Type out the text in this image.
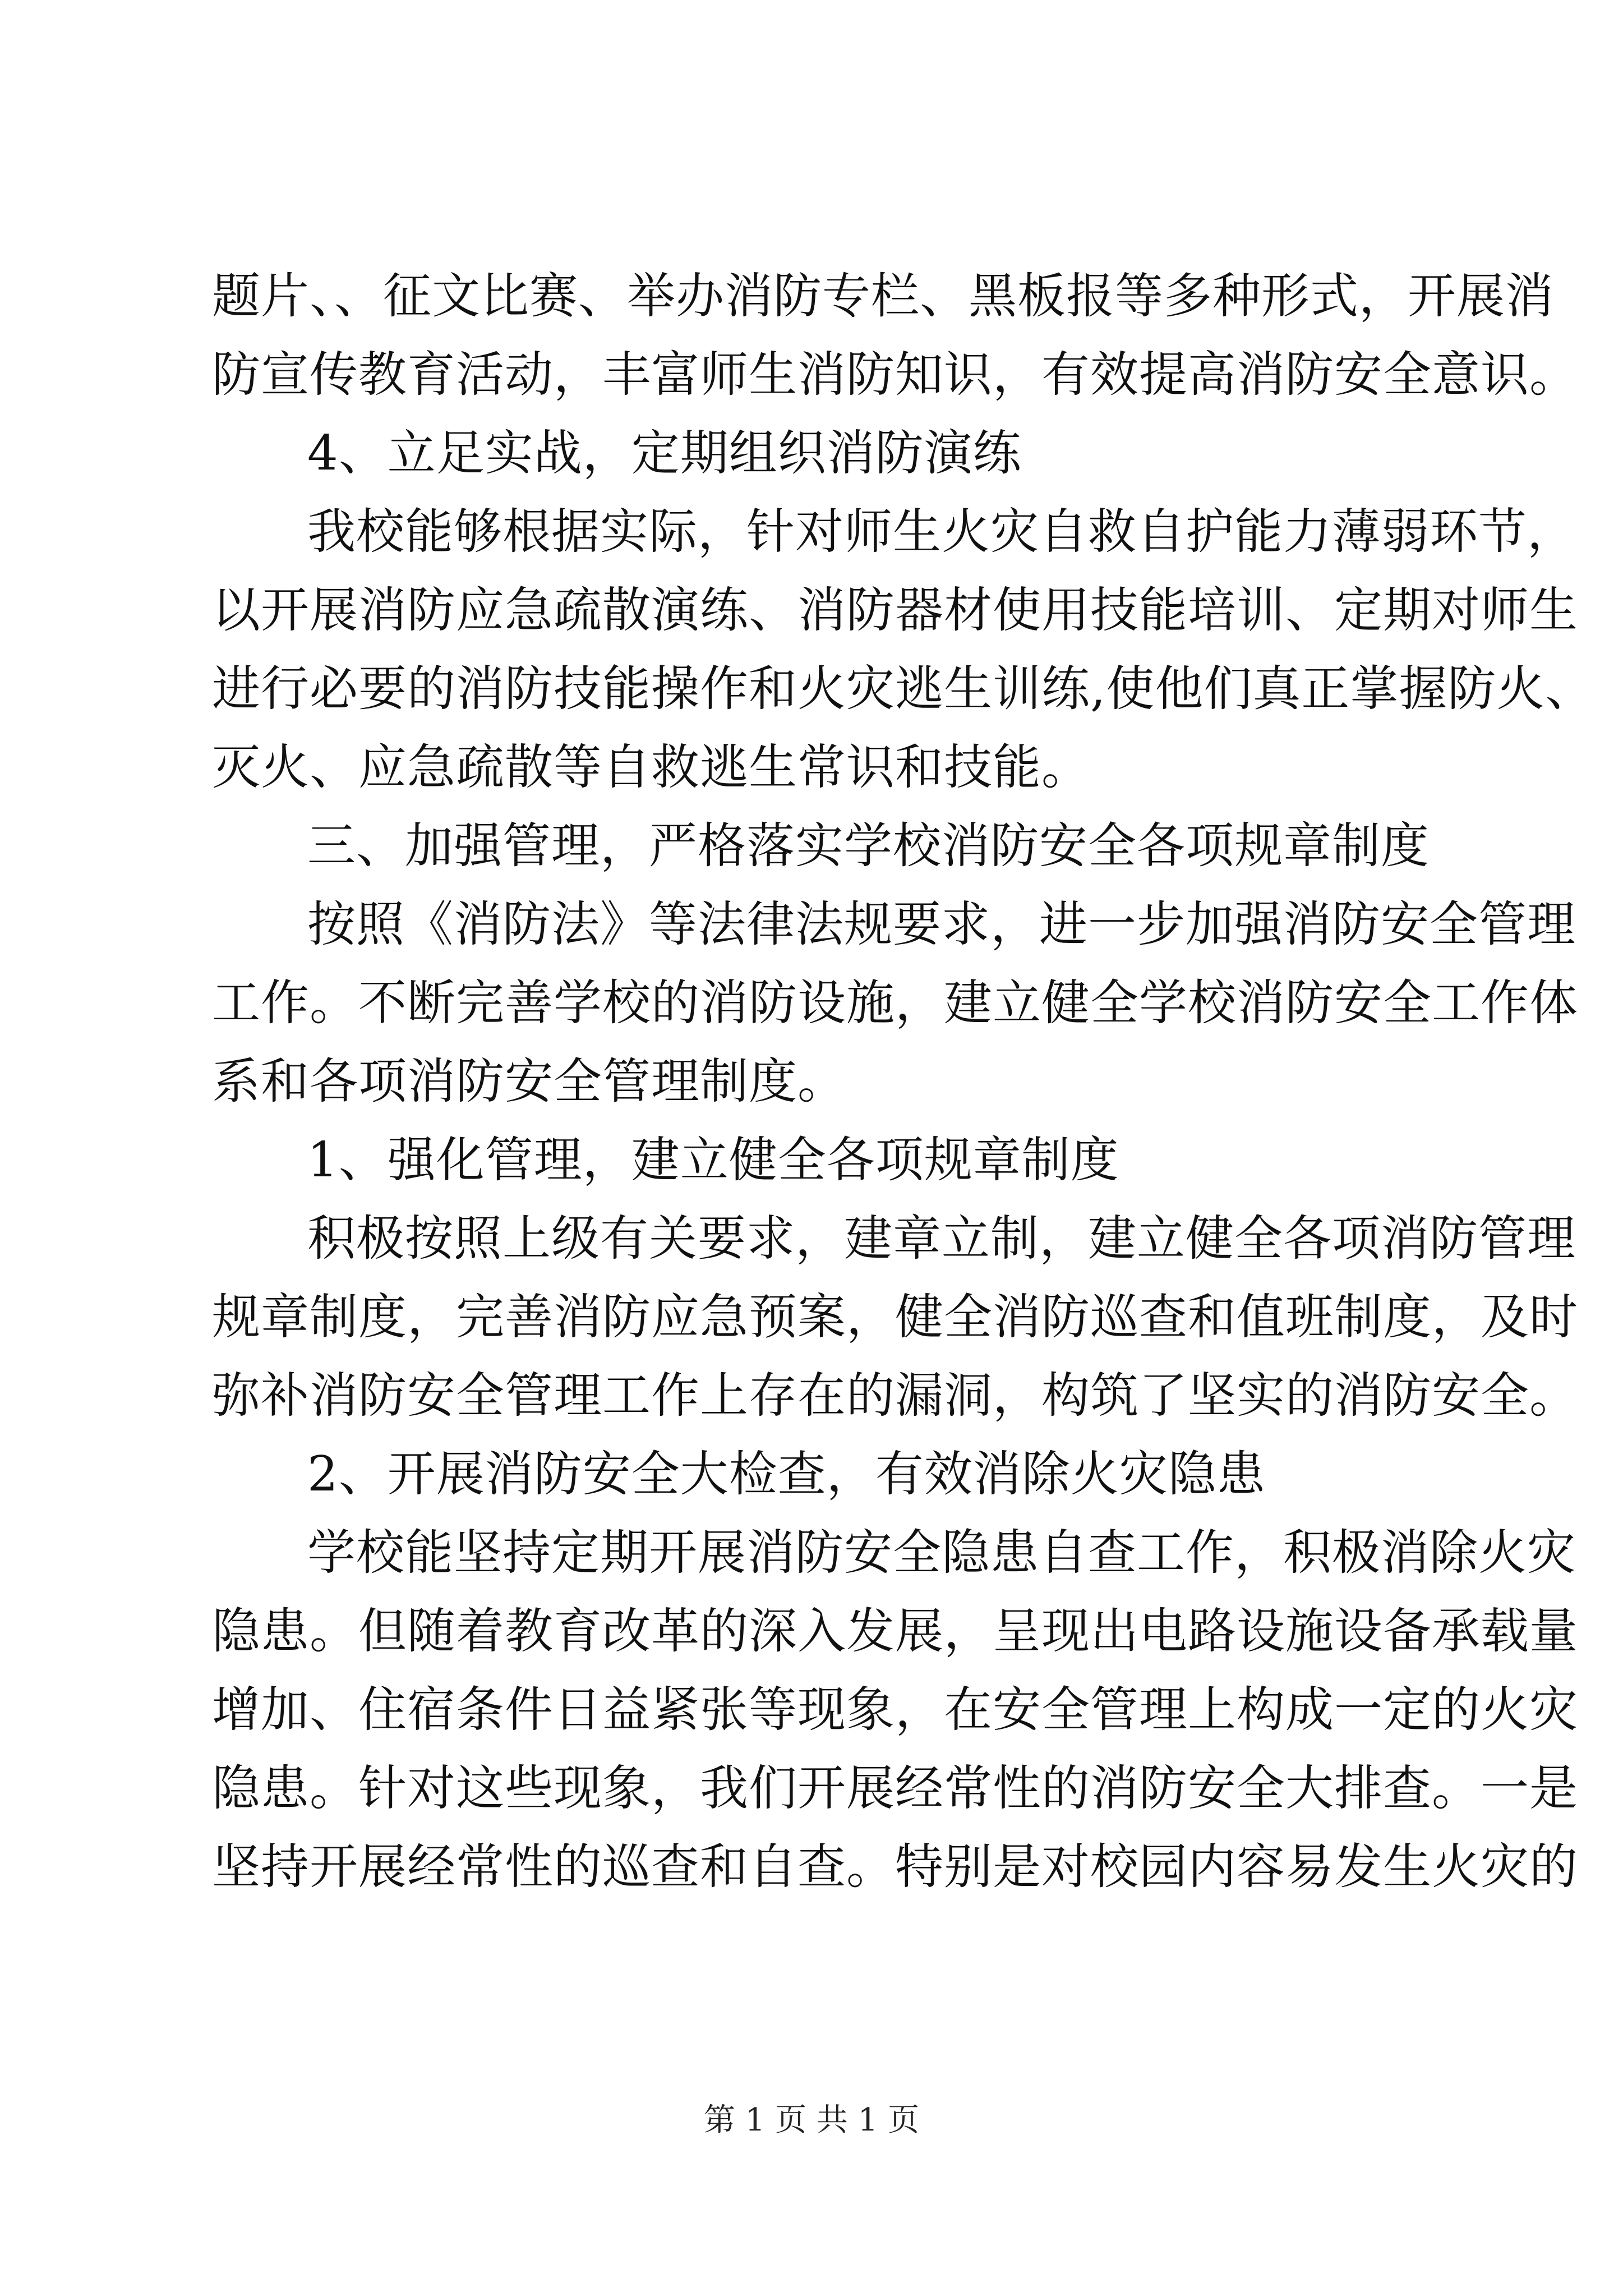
题片、、征文比赛、举办消防专栏、黑板报等多种形式，开展消
防宣传教育活动，丰富师生消防知识，有效提高消防安全意识。
4、立足实战，定期组织消防演练
我校能够根据实际，针对师生火灾自救自护能力薄弱环节，
以开展消防应急疏散演练、消防器材使用技能培训、定期对师生
进行必要的消防技能操作和火灾逃生训练,使他们真正掌握防火、
灭火、应急疏散等自救逃生常识和技能。
三、加强管理，严格落实学校消防安全各项规章制度
按照《消防法》等法律法规要求，进一步加强消防安全管理
工作。不断完善学校的消防设施，建立健全学校消防安全工作体
系和各项消防安全管理制度。
1、强化管理，建立健全各项规章制度
积极按照上级有关要求，建章立制，建立健全各项消防管理
规章制度，完善消防应急预案，健全消防巡查和值班制度，及时
弥补消防安全管理工作上存在的漏洞，构筑了坚实的消防安全。
2、开展消防安全大检查，有效消除火灾隐患
学校能坚持定期开展消防安全隐患自查工作，积极消除火灾
隐患。但随着教育改革的深入发展，呈现出电路设施设备承载量
增加、住宿条件日益紧张等现象，在安全管理上构成一定的火灾
隐患。针对这些现象，我们开展经常性的消防安全大排查。一是
坚持开展经常性的巡查和自查。特别是对校园内容易发生火灾的
第 1 页 共 1 页
